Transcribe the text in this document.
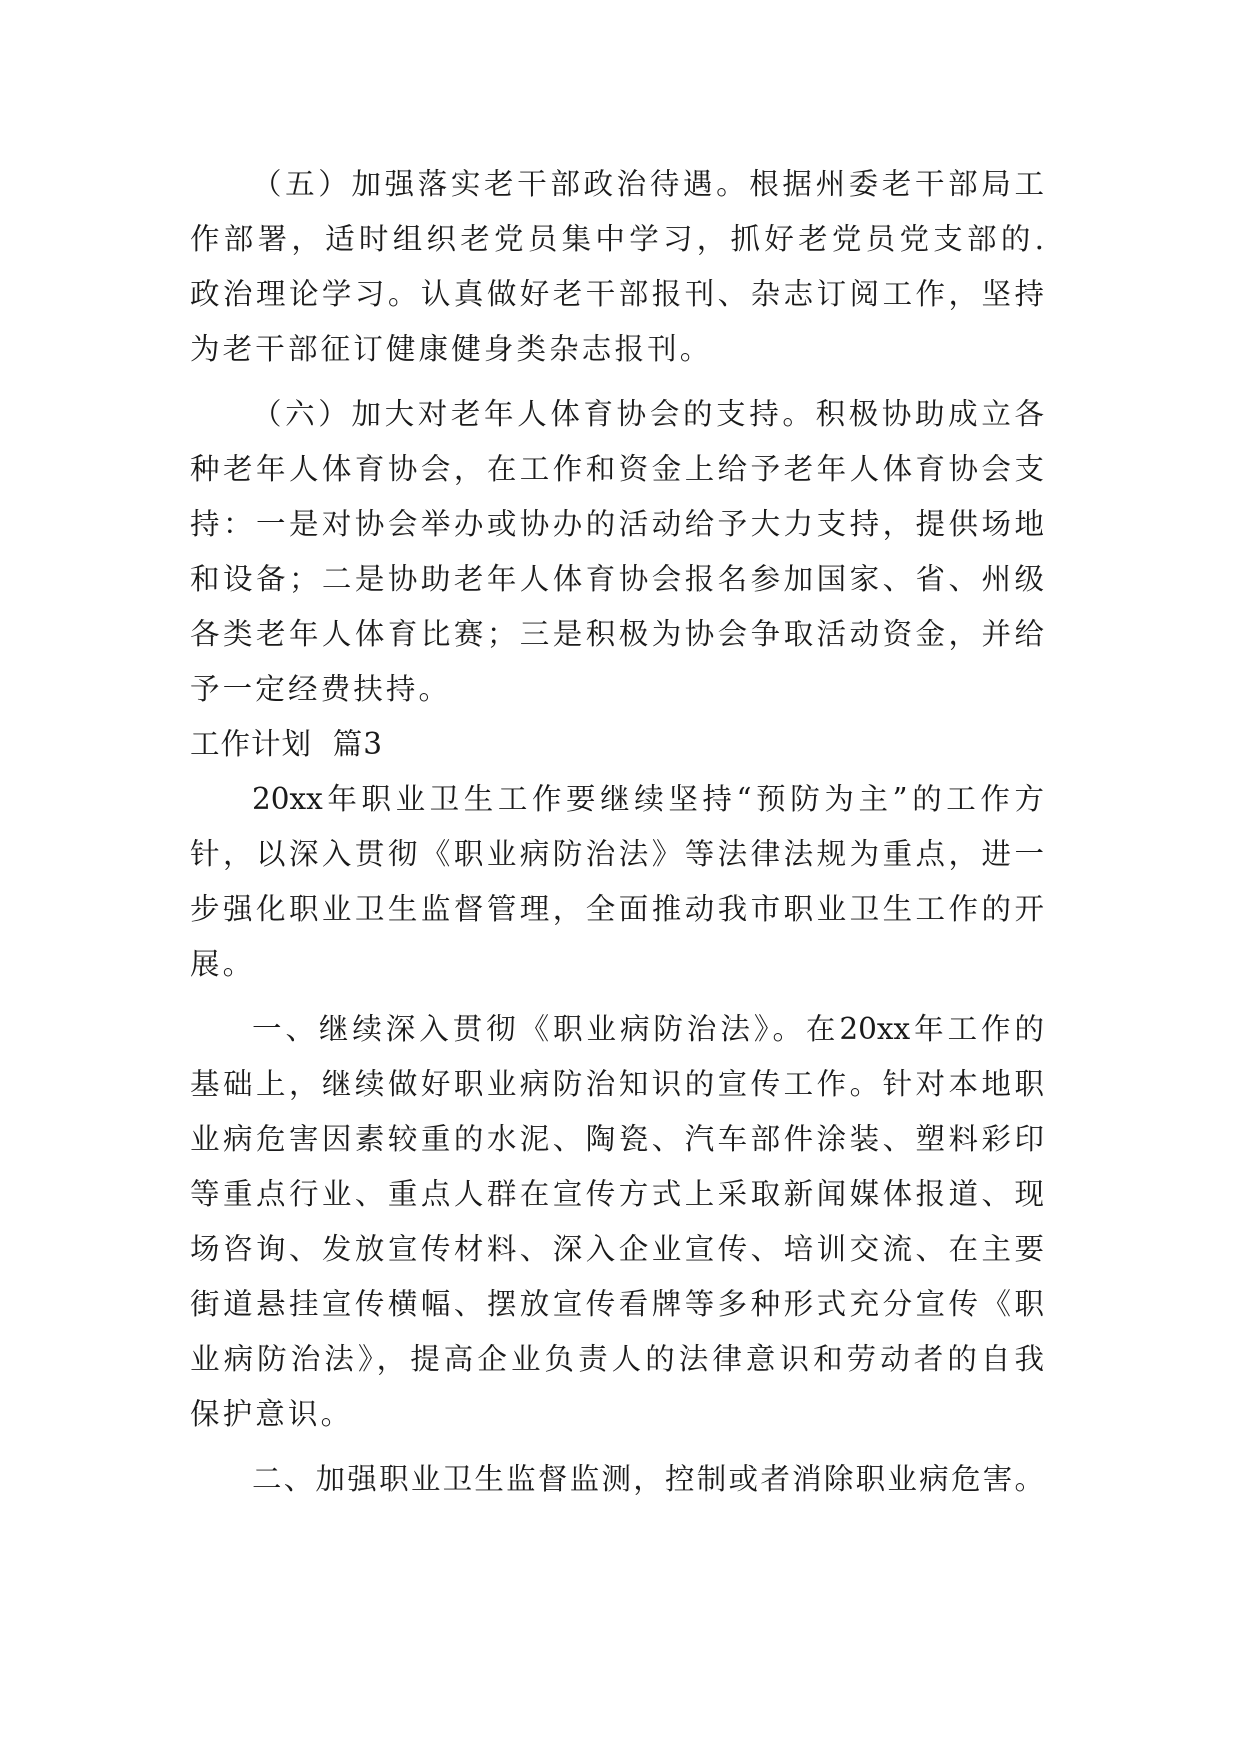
（五）加强落实老干部政治待遇。根据州委老干部局工
作部署，适时组织老党员集中学习，抓好老党员党支部的.
政治理论学习。认真做好老干部报刊、杂志订阅工作，坚持
为老干部征订健康健身类杂志报刊。
（六）加大对老年人体育协会的支持。积极协助成立各
种老年人体育协会，在工作和资金上给予老年人体育协会支
持：一是对协会举办或协办的活动给予大力支持，提供场地
和设备；二是协助老年人体育协会报名参加国家、省、州级
各类老年人体育比赛；三是积极为协会争取活动资金，并给
予一定经费扶持。
工作计划  篇3
20xx年职业卫生工作要继续坚持“预防为主”的工作方
针，以深入贯彻《职业病防治法》等法律法规为重点，进一
步强化职业卫生监督管理，全面推动我市职业卫生工作的开
展。
一、继续深入贯彻《职业病防治法》。在20xx年工作的
基础上，继续做好职业病防治知识的宣传工作。针对本地职
业病危害因素较重的水泥、陶瓷、汽车部件涂装、塑料彩印
等重点行业、重点人群在宣传方式上采取新闻媒体报道、现
场咨询、发放宣传材料、深入企业宣传、培训交流、在主要
街道悬挂宣传横幅、摆放宣传看牌等多种形式充分宣传《职
业病防治法》，提高企业负责人的法律意识和劳动者的自我
保护意识。
二、加强职业卫生监督监测，控制或者消除职业病危害。
